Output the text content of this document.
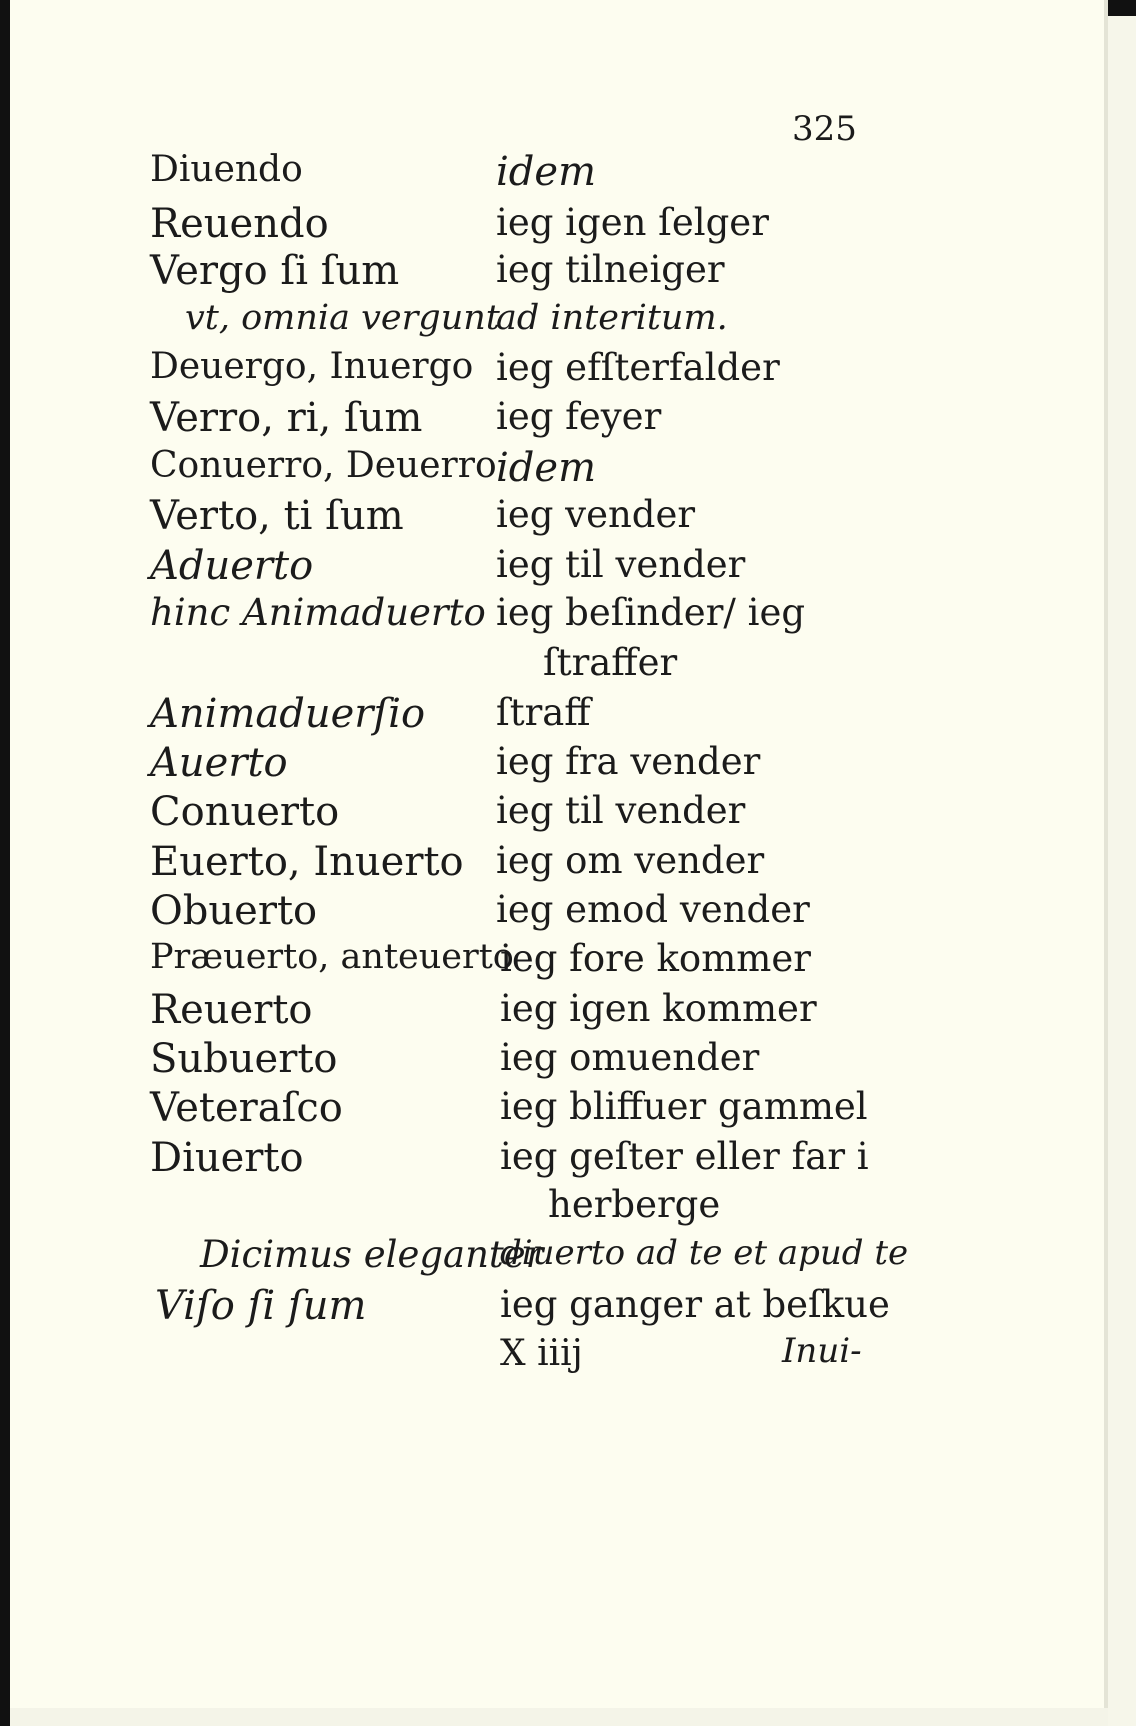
325
Diuendo
Reuendo
Vergo ſi ſum
vt, omnia vergunt
Deuergo, Inuergo
Verro, ri, ſum
Conuerro, Deuerro
Verto, ti ſum
Aduerto
hinc Animaduerto
Animaduerſio
Auerto
Conuerto
Euerto, Inuerto
Obuerto
Præuerto, anteuerto
Reuerto
Subuerto
Veteraſco
Diuerto
Dicimus eleganter
Viſo ſi ſum
idem
ieg igen ſelger
ieg tilneiger
ad interitum.
ieg efſterfalder
ieg feyer
idem
ieg vender
ieg til vender
ieg beſinder/ ieg
ſtraffer
ſtraff
ieg fra vender
ieg til vender
ieg om vender
ieg emod vender
ieg fore kommer
ieg igen kommer
ieg omuender
ieg bliffuer gammel
ieg geſter eller far i
herberge
diuerto ad te et apud te
ieg ganger at beſkue
X iiij	Inui-
